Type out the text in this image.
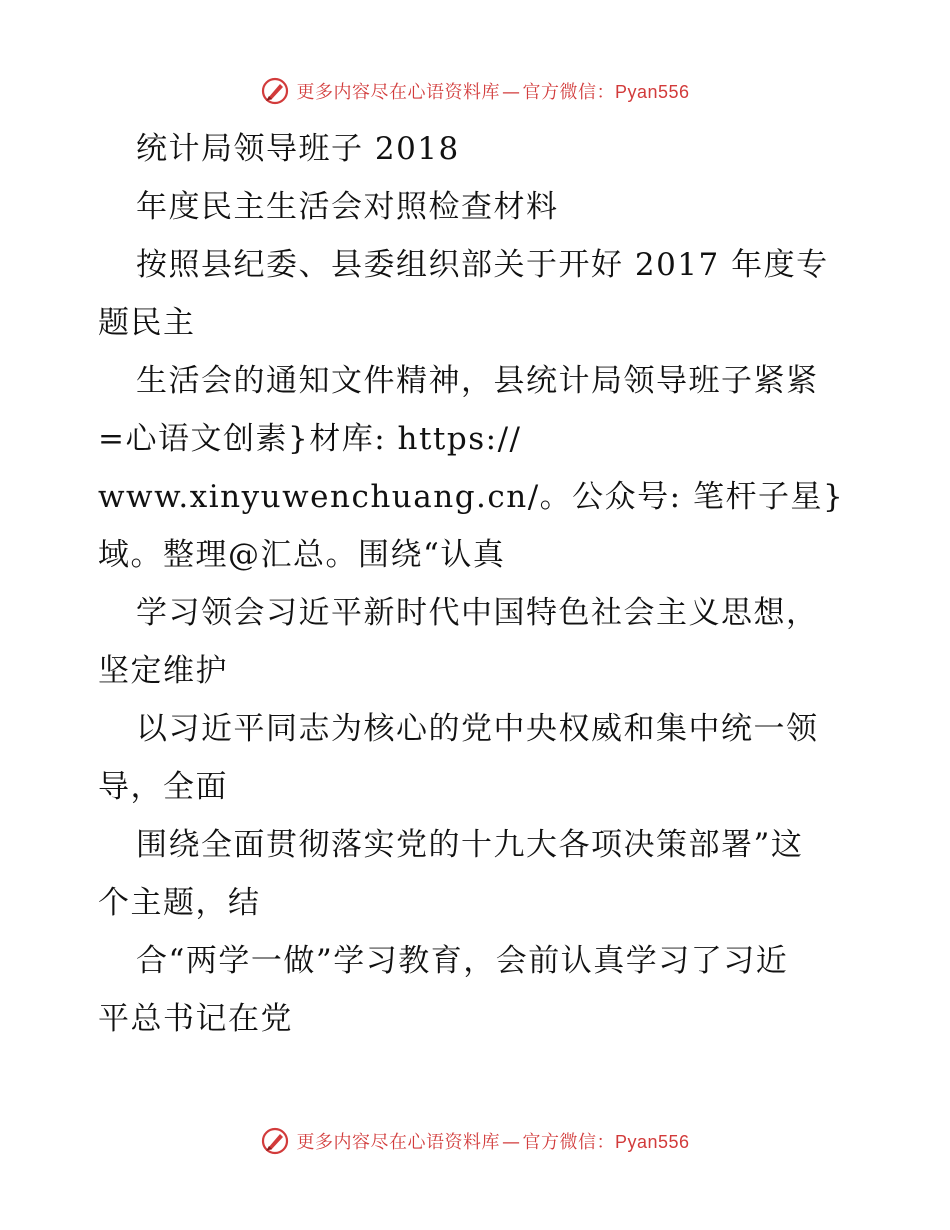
更多内容尽在心语资料库 — 官方微信：Pyan556
统计局领导班子 2018
年度民主生活会对照检查材料
按照县纪委、县委组织部关于开好 2017 年度专
题民主
生活会的通知文件精神，县统计局领导班子紧紧
=心语文创素}材库: https://
www.xinyuwenchuang.cn/。公众号: 笔杆子星}
域。整理@汇总。围绕“认真
学习领会习近平新时代中国特色社会主义思想，
坚定维护
以习近平同志为核心的党中央权威和集中统一领
导，全面
围绕全面贯彻落实党的十九大各项决策部署”这
个主题，结
合“两学一做”学习教育，会前认真学习了习近
平总书记在党
更多内容尽在心语资料库 — 官方微信：Pyan556
